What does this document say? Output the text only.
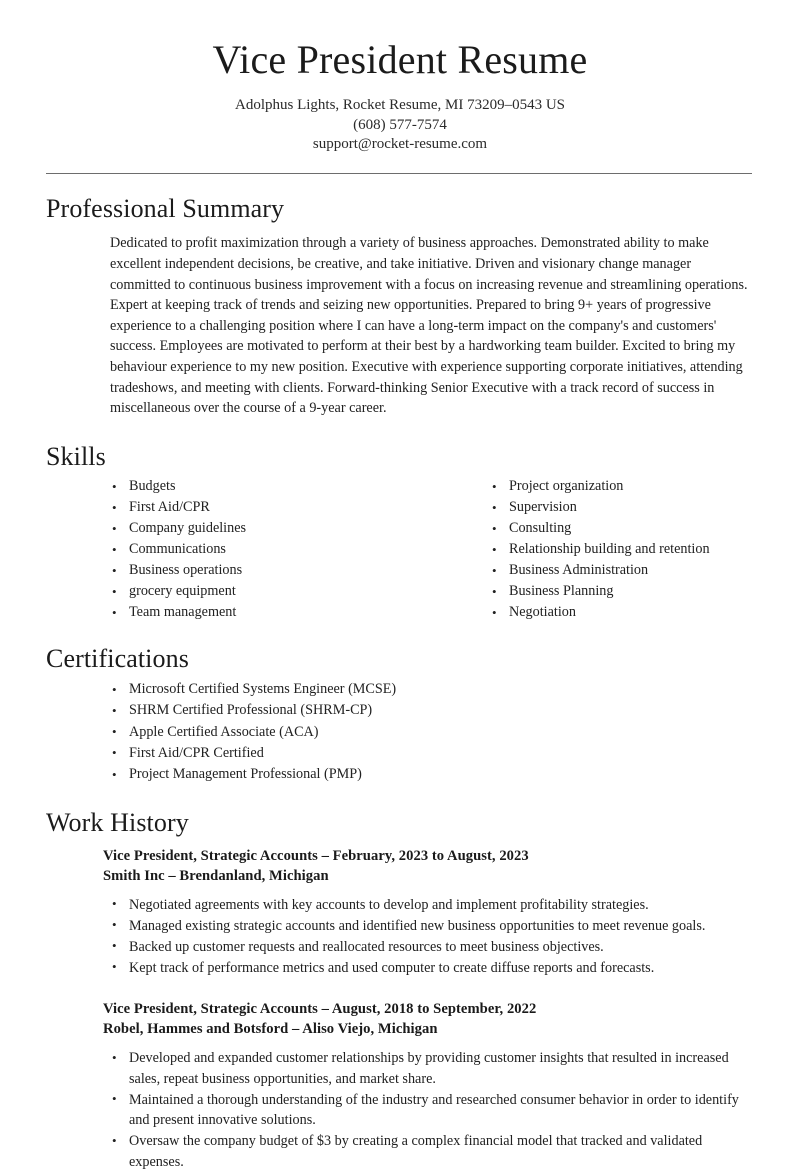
Vice President Resume
Adolphus Lights, Rocket Resume, MI 73209–0543 US
(608) 577-7574
support@rocket-resume.com
Professional Summary

Dedicated to profit maximization through a variety of business approaches. Demonstrated ability to make excellent independent decisions, be creative, and take initiative. Driven and visionary change manager committed to continuous business improvement with a focus on increasing revenue and streamlining operations. Expert at keeping track of trends and seizing new opportunities. Prepared to bring 9+ years of progressive experience to a challenging position where I can have a long-term impact on the company's and customers' success. Employees are motivated to perform at their best by a hardworking team builder. Excited to bring my behaviour experience to my new position. Executive with experience supporting corporate initiatives, attending tradeshows, and meeting with clients. Forward-thinking Senior Executive with a track record of success in miscellaneous over the course of a 9-year career.

Skills
• Budgets
• First Aid/CPR
• Company guidelines
• Communications
• Business operations
• grocery equipment
• Team management
• Project organization
• Supervision
• Consulting
• Relationship building and retention
• Business Administration
• Business Planning
• Negotiation
Certifications
• Microsoft Certified Systems Engineer (MCSE)
• SHRM Certified Professional (SHRM-CP)
• Apple Certified Associate (ACA)
• First Aid/CPR Certified
• Project Management Professional (PMP)
Work History
Vice President, Strategic Accounts – February, 2023 to August, 2023
Smith Inc – Brendanland, Michigan
• Negotiated agreements with key accounts to develop and implement profitability strategies.
• Managed existing strategic accounts and identified new business opportunities to meet revenue goals.
• Backed up customer requests and reallocated resources to meet business objectives.
• Kept track of performance metrics and used computer to create diffuse reports and forecasts.
Vice President, Strategic Accounts – August, 2018 to September, 2022
Robel, Hammes and Botsford – Aliso Viejo, Michigan
• Developed and expanded customer relationships by providing customer insights that resulted in increased sales, repeat business opportunities, and market share.
• Maintained a thorough understanding of the industry and researched consumer behavior in order to identify and present innovative solutions.
• Oversaw the company budget of $3 by creating a complex financial model that tracked and validated expenses.
